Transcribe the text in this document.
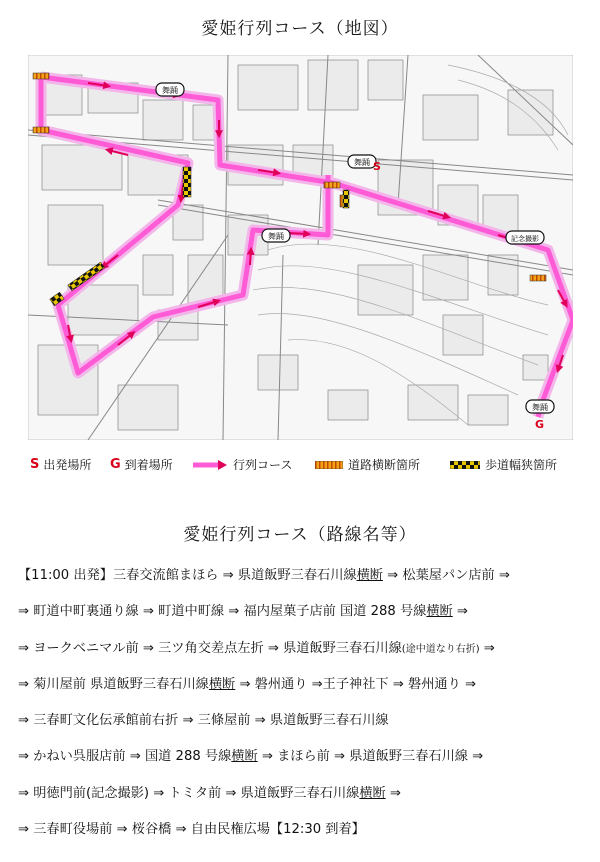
愛姫行列コース（地図）
舞踊
舞踊
舞踊
舞踊
記念撮影
S
G
S 出発場所 G 到着場所	行列コース	道路横断箇所	歩道幅狭箇所
愛姫行列コース（路線名等）
【11:00 出発】三春交流館まほら ⇒ 県道飯野三春石川線横断 ⇒ 松葉屋パン店前 ⇒
⇒ 町道中町裏通り線 ⇒ 町道中町線 ⇒ 福内屋菓子店前 国道 288 号線横断 ⇒
⇒ ヨークベニマル前 ⇒ 三ツ角交差点左折 ⇒ 県道飯野三春石川線(途中道なり右折) ⇒
⇒ 菊川屋前 県道飯野三春石川線横断 ⇒ 磐州通り ⇒王子神社下 ⇒ 磐州通り ⇒
⇒ 三春町文化伝承館前右折 ⇒ 三條屋前 ⇒ 県道飯野三春石川線
⇒ かねい呉服店前 ⇒ 国道 288 号線横断 ⇒ まほら前 ⇒ 県道飯野三春石川線 ⇒
⇒ 明徳門前(記念撮影) ⇒ トミタ前 ⇒ 県道飯野三春石川線横断 ⇒
⇒ 三春町役場前 ⇒ 桜谷橋 ⇒ 自由民権広場【12:30 到着】
